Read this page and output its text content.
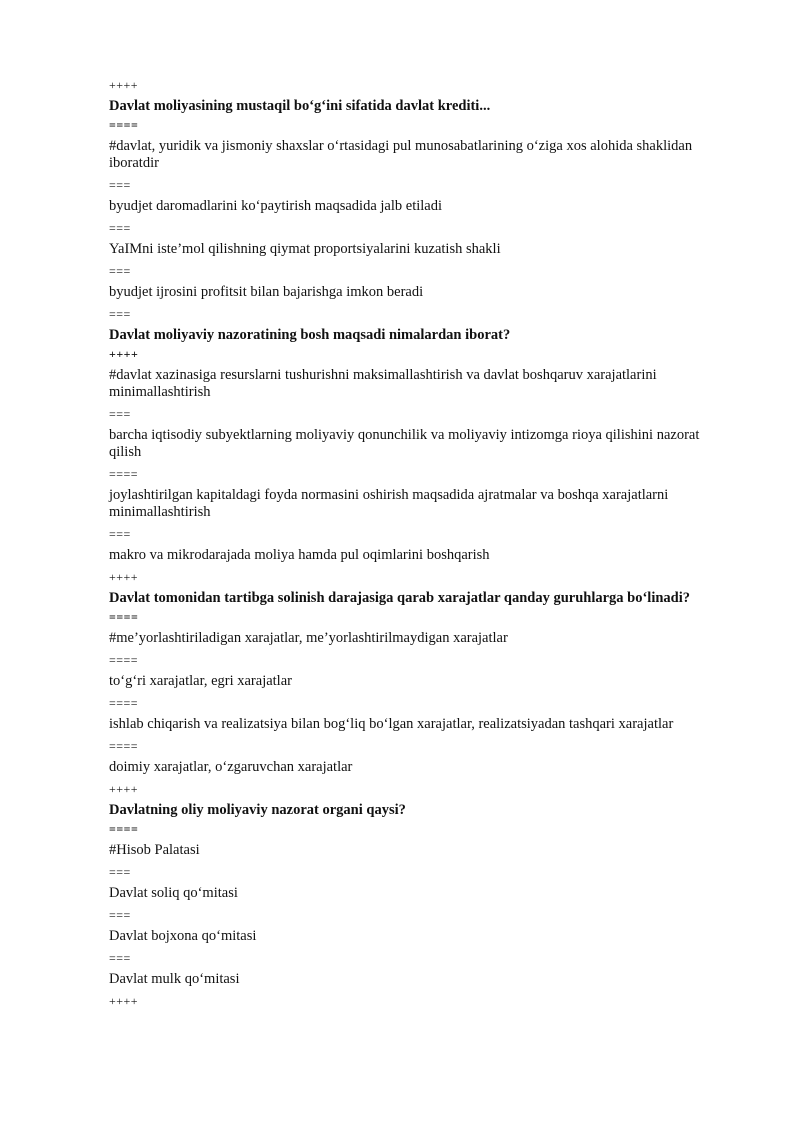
++++
Davlat moliyasining mustaqil bo‘g‘ini sifatida davlat krediti...
====
#davlat, yuridik va jismoniy shaxslar o‘rtasidagi pul munosabatlarining o‘ziga xos alohida shaklidan iboratdir
===
byudjet daromadlarini ko‘paytirish maqsadida jalb etiladi
===
YaIMni iste’mol qilishning qiymat proportsiyalarini kuzatish shakli
===
byudjet ijrosini profitsit bilan bajarishga imkon beradi
===
Davlat moliyaviy nazoratining bosh maqsadi nimalardan iborat?
++++
#davlat xazinasiga resurslarni tushurishni maksimallashtirish va davlat boshqaruv xarajatlarini minimallashtirish
===
barcha iqtisodiy subyektlarning moliyaviy qonunchilik va moliyaviy intizomga rioya qilishini nazorat qilish
====
joylashtirilgan kapitaldagi foyda normasini oshirish maqsadida ajratmalar va boshqa xarajatlarni minimallashtirish
===
makro va mikrodarajada moliya hamda pul oqimlarini boshqarish
++++
Davlat tomonidan tartibga solinish darajasiga qarab xarajatlar qanday guruhlarga bo‘linadi?
====
#me’yorlashtiriladigan xarajatlar, me’yorlashtirilmaydigan xarajatlar
====
to‘g‘ri xarajatlar, egri xarajatlar
====
ishlab chiqarish va realizatsiya bilan bog‘liq bo‘lgan xarajatlar, realizatsiyadan tashqari xarajatlar
====
doimiy xarajatlar, o‘zgaruvchan xarajatlar
++++
Davlatning oliy moliyaviy nazorat organi qaysi?
====
#Hisob Palatasi
===
Davlat soliq qo‘mitasi
===
Davlat bojxona qo‘mitasi
===
Davlat mulk qo‘mitasi
++++
